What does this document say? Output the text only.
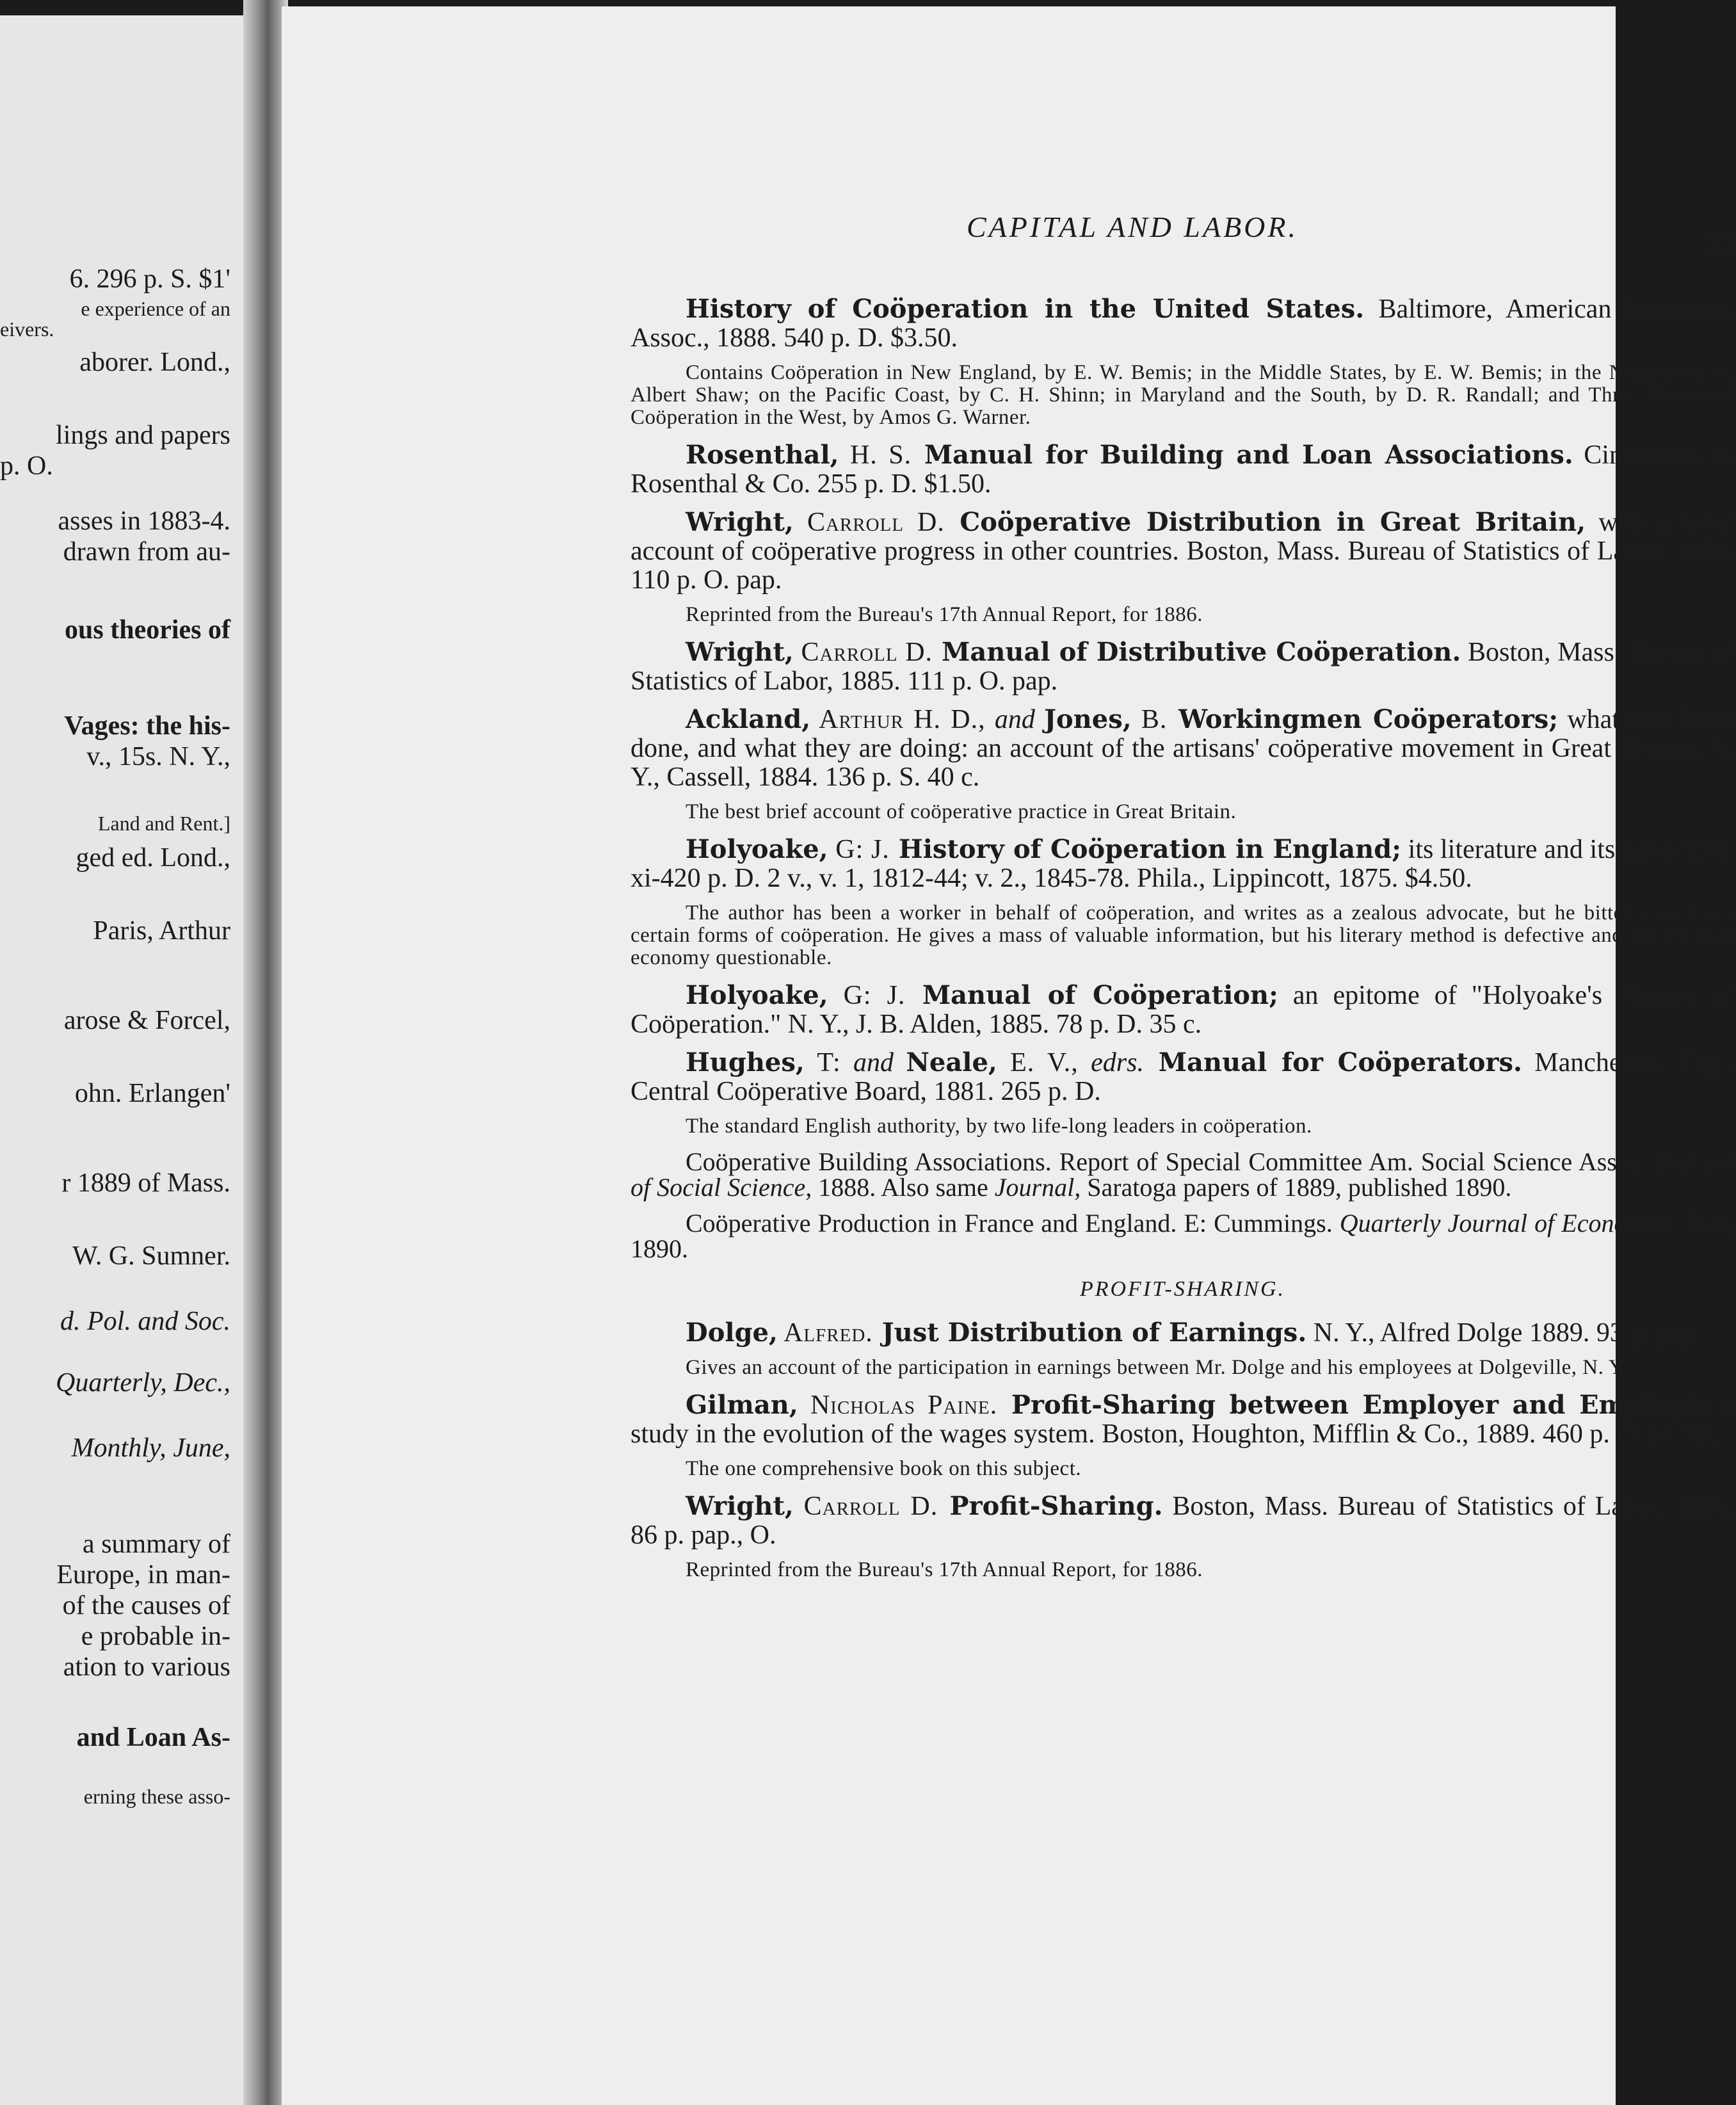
6. 296 p. S. $1'
e experience of an
eivers.
aborer. Lond.,
lings and papers
p. O.
asses in 1883-4.
drawn from au-
ous theories of
Vages: the his-
v., 15s. N. Y.,
Land and Rent.]
ged ed. Lond.,
Paris, Arthur
arose & Forcel,
ohn. Erlangen'
r 1889 of Mass.
W. G. Sumner.
d. Pol. and Soc.
Quarterly, Dec.,
Monthly, June,
a summary of
Europe, in man-
of the causes of
e probable in-
ation to various
and Loan As-
erning these asso-
CAPITAL AND LABOR.	33

History of Coöperation in the United States. Baltimore, American Economic Assoc., 1888. 540 p. D. $3.50.

Contains Coöperation in New England, by E. W. Bemis; in the Middle States, by E. W. Bemis; in the Northwest, by Albert Shaw; on the Pacific Coast, by C. H. Shinn; in Maryland and the South, by D. R. Randall; and Three Phases of Coöperation in the West, by Amos G. Warner.

Rosenthal, H. S. Manual for Building and Loan Associations. Cincinnati, S. Rosenthal & Co. 255 p. D. $1.50.

Wright, Carroll D. Coöperative Distribution in Great Britain, with a brief account of coöperative progress in other countries. Boston, Mass. Bureau of Statistics of Labor, 1886. 110 p. O. pap.

Reprinted from the Bureau's 17th Annual Report, for 1886.

Wright, Carroll D. Manual of Distributive Coöperation. Boston, Mass. Bureau of Statistics of Labor, 1885. 111 p. O. pap.

Ackland, Arthur H. D., and Jones, B. Workingmen Coöperators; what they have done, and what they are doing: an account of the artisans' coöperative movement in Great Britain. N. Y., Cassell, 1884. 136 p. S. 40 c.

The best brief account of coöperative practice in Great Britain.

Holyoake, G: J. History of Coöperation in England; its literature and its advocates. xi-420 p. D. 2 v., v. 1, 1812-44; v. 2., 1845-78. Phila., Lippincott, 1875. $4.50.

The author has been a worker in behalf of coöperation, and writes as a zealous advocate, but he bitterly criticises certain forms of coöperation. He gives a mass of valuable information, but his literary method is defective and his political economy questionable.

Holyoake, G: J. Manual of Coöperation; an epitome of "Holyoake's History of Coöperation." N. Y., J. B. Alden, 1885. 78 p. D. 35 c.

Hughes, T: and Neale, E. V., edrs. Manual for Coöperators. Manchester, Eng., Central Coöperative Board, 1881. 265 p. D.

The standard English authority, by two life-long leaders in coöperation.

Coöperative Building Associations. Report of Special Committee Am. Social Science Assoc. Journal of Social Science, 1888. Also same Journal, Saratoga papers of 1889, published 1890.

Coöperative Production in France and England. E: Cummings. Quarterly Journal of Economics, July, 1890.

PROFIT-SHARING.

Dolge, Alfred. Just Distribution of Earnings. N. Y., Alfred Dolge 1889. 93 p. pap.

Gives an account of the participation in earnings between Mr. Dolge and his employees at Dolgeville, N. Y.

Gilman, Nicholas Paine. Profit-Sharing between Employer and Employé; a study in the evolution of the wages system. Boston, Houghton, Mifflin & Co., 1889. 460 p. O. $1.75.

The one comprehensive book on this subject.

Wright, Carroll D. Profit-Sharing. Boston, Mass. Bureau of Statistics of Labor, 1886. 86 p. pap., O.

Reprinted from the Bureau's 17th Annual Report, for 1886.
